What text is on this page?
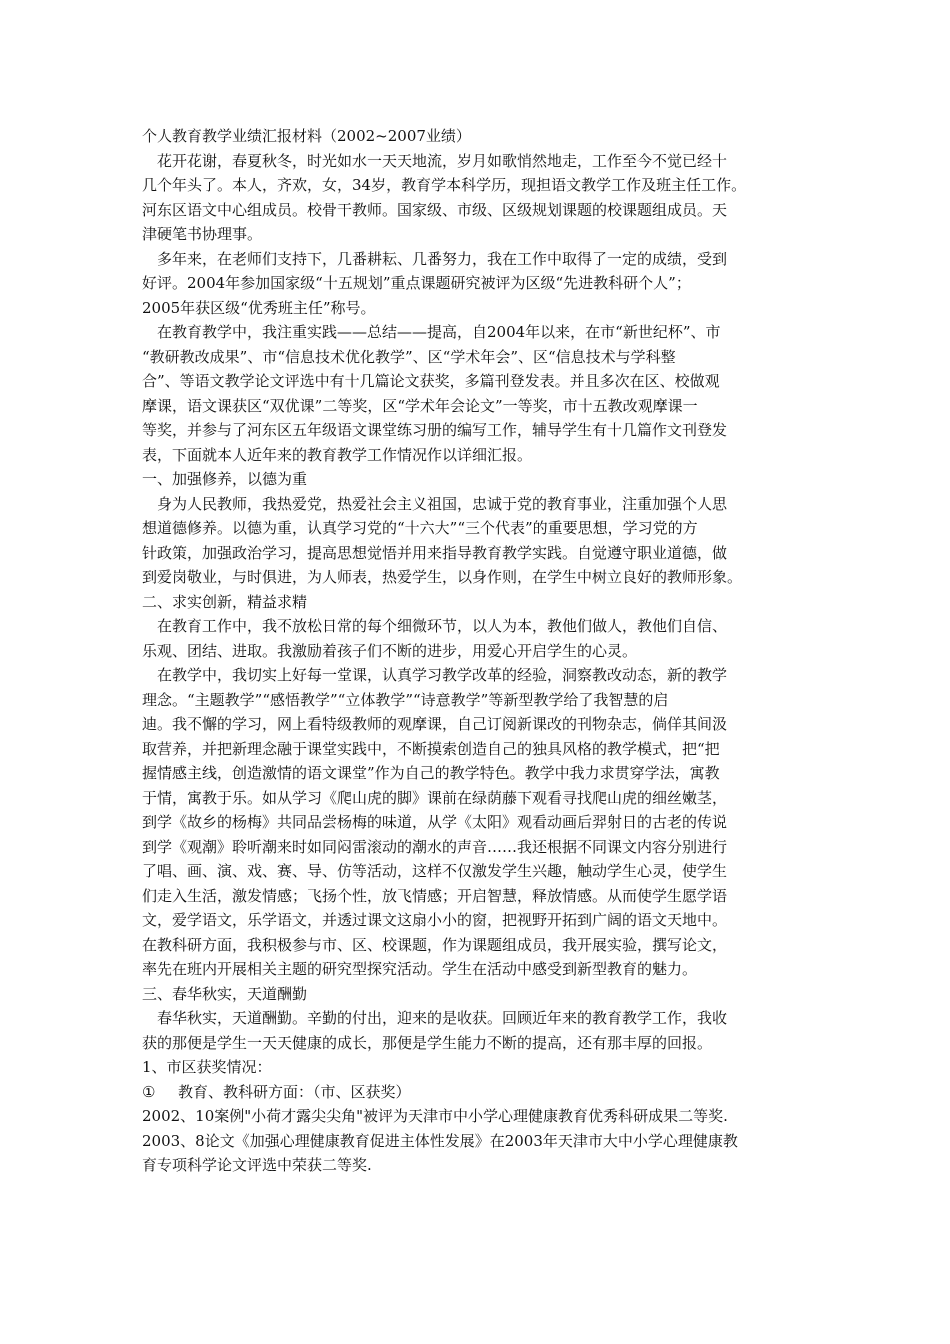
个人教育教学业绩汇报材料（2002~2007业绩）
花开花谢，春夏秋冬，时光如水一天天地流，岁月如歌悄然地走，工作至今不觉已经十
几个年头了。本人，齐欢，女，34岁，教育学本科学历，现担语文教学工作及班主任工作。
河东区语文中心组成员。校骨干教师。国家级、市级、区级规划课题的校课题组成员。天
津硬笔书协理事。
多年来，在老师们支持下，几番耕耘、几番努力，我在工作中取得了一定的成绩，受到
好评。2004年参加国家级“十五规划”重点课题研究被评为区级“先进教科研个人”；
2005年获区级“优秀班主任”称号。
在教育教学中，我注重实践——总结——提高，自2004年以来，在市“新世纪杯”、市
“教研教改成果”、市“信息技术优化教学”、区“学术年会”、区“信息技术与学科整
合”、等语文教学论文评选中有十几篇论文获奖，多篇刊登发表。并且多次在区、校做观
摩课，语文课获区“双优课”二等奖，区“学术年会论文”一等奖，市十五教改观摩课一
等奖，并参与了河东区五年级语文课堂练习册的编写工作，辅导学生有十几篇作文刊登发
表，下面就本人近年来的教育教学工作情况作以详细汇报。
一、加强修养，以德为重
身为人民教师，我热爱党，热爱社会主义祖国，忠诚于党的教育事业，注重加强个人思
想道德修养。以德为重，认真学习党的“十六大”“三个代表”的重要思想，学习党的方
针政策，加强政治学习，提高思想觉悟并用来指导教育教学实践。自觉遵守职业道德，做
到爱岗敬业，与时俱进，为人师表，热爱学生，以身作则，在学生中树立良好的教师形象。
二、求实创新，精益求精
在教育工作中，我不放松日常的每个细微环节，以人为本，教他们做人，教他们自信、
乐观、团结、进取。我激励着孩子们不断的进步，用爱心开启学生的心灵。
在教学中，我切实上好每一堂课，认真学习教学改革的经验，洞察教改动态，新的教学
理念。“主题教学”“感悟教学”“立体教学”“诗意教学”等新型教学给了我智慧的启
迪。我不懈的学习，网上看特级教师的观摩课，自己订阅新课改的刊物杂志，倘佯其间汲
取营养，并把新理念融于课堂实践中，不断摸索创造自己的独具风格的教学模式，把“把
握情感主线，创造激情的语文课堂”作为自己的教学特色。教学中我力求贯穿学法，寓教
于情，寓教于乐。如从学习《爬山虎的脚》课前在绿荫藤下观看寻找爬山虎的细丝嫩茎，
到学《故乡的杨梅》共同品尝杨梅的味道，从学《太阳》观看动画后羿射日的古老的传说
到学《观潮》聆听潮来时如同闷雷滚动的潮水的声音……我还根据不同课文内容分别进行
了唱、画、演、戏、赛、导、仿等活动，这样不仅激发学生兴趣，触动学生心灵，使学生
们走入生活，激发情感；飞扬个性，放飞情感；开启智慧，释放情感。从而使学生愿学语
文，爱学语文，乐学语文，并透过课文这扇小小的窗，把视野开拓到广阔的语文天地中。
在教科研方面，我积极参与市、区、校课题，作为课题组成员，我开展实验，撰写论文，
率先在班内开展相关主题的研究型探究活动。学生在活动中感受到新型教育的魅力。
三、春华秋实，天道酬勤
春华秋实，天道酬勤。辛勤的付出，迎来的是收获。回顾近年来的教育教学工作，我收
获的那便是学生一天天健康的成长，那便是学生能力不断的提高，还有那丰厚的回报。
1、市区获奖情况：
① 教育、教科研方面：（市、区获奖）
2002、10案例"小荷才露尖尖角"被评为天津市中小学心理健康教育优秀科研成果二等奖.
2003、8论文《加强心理健康教育促进主体性发展》在2003年天津市大中小学心理健康教
育专项科学论文评选中荣获二等奖.
